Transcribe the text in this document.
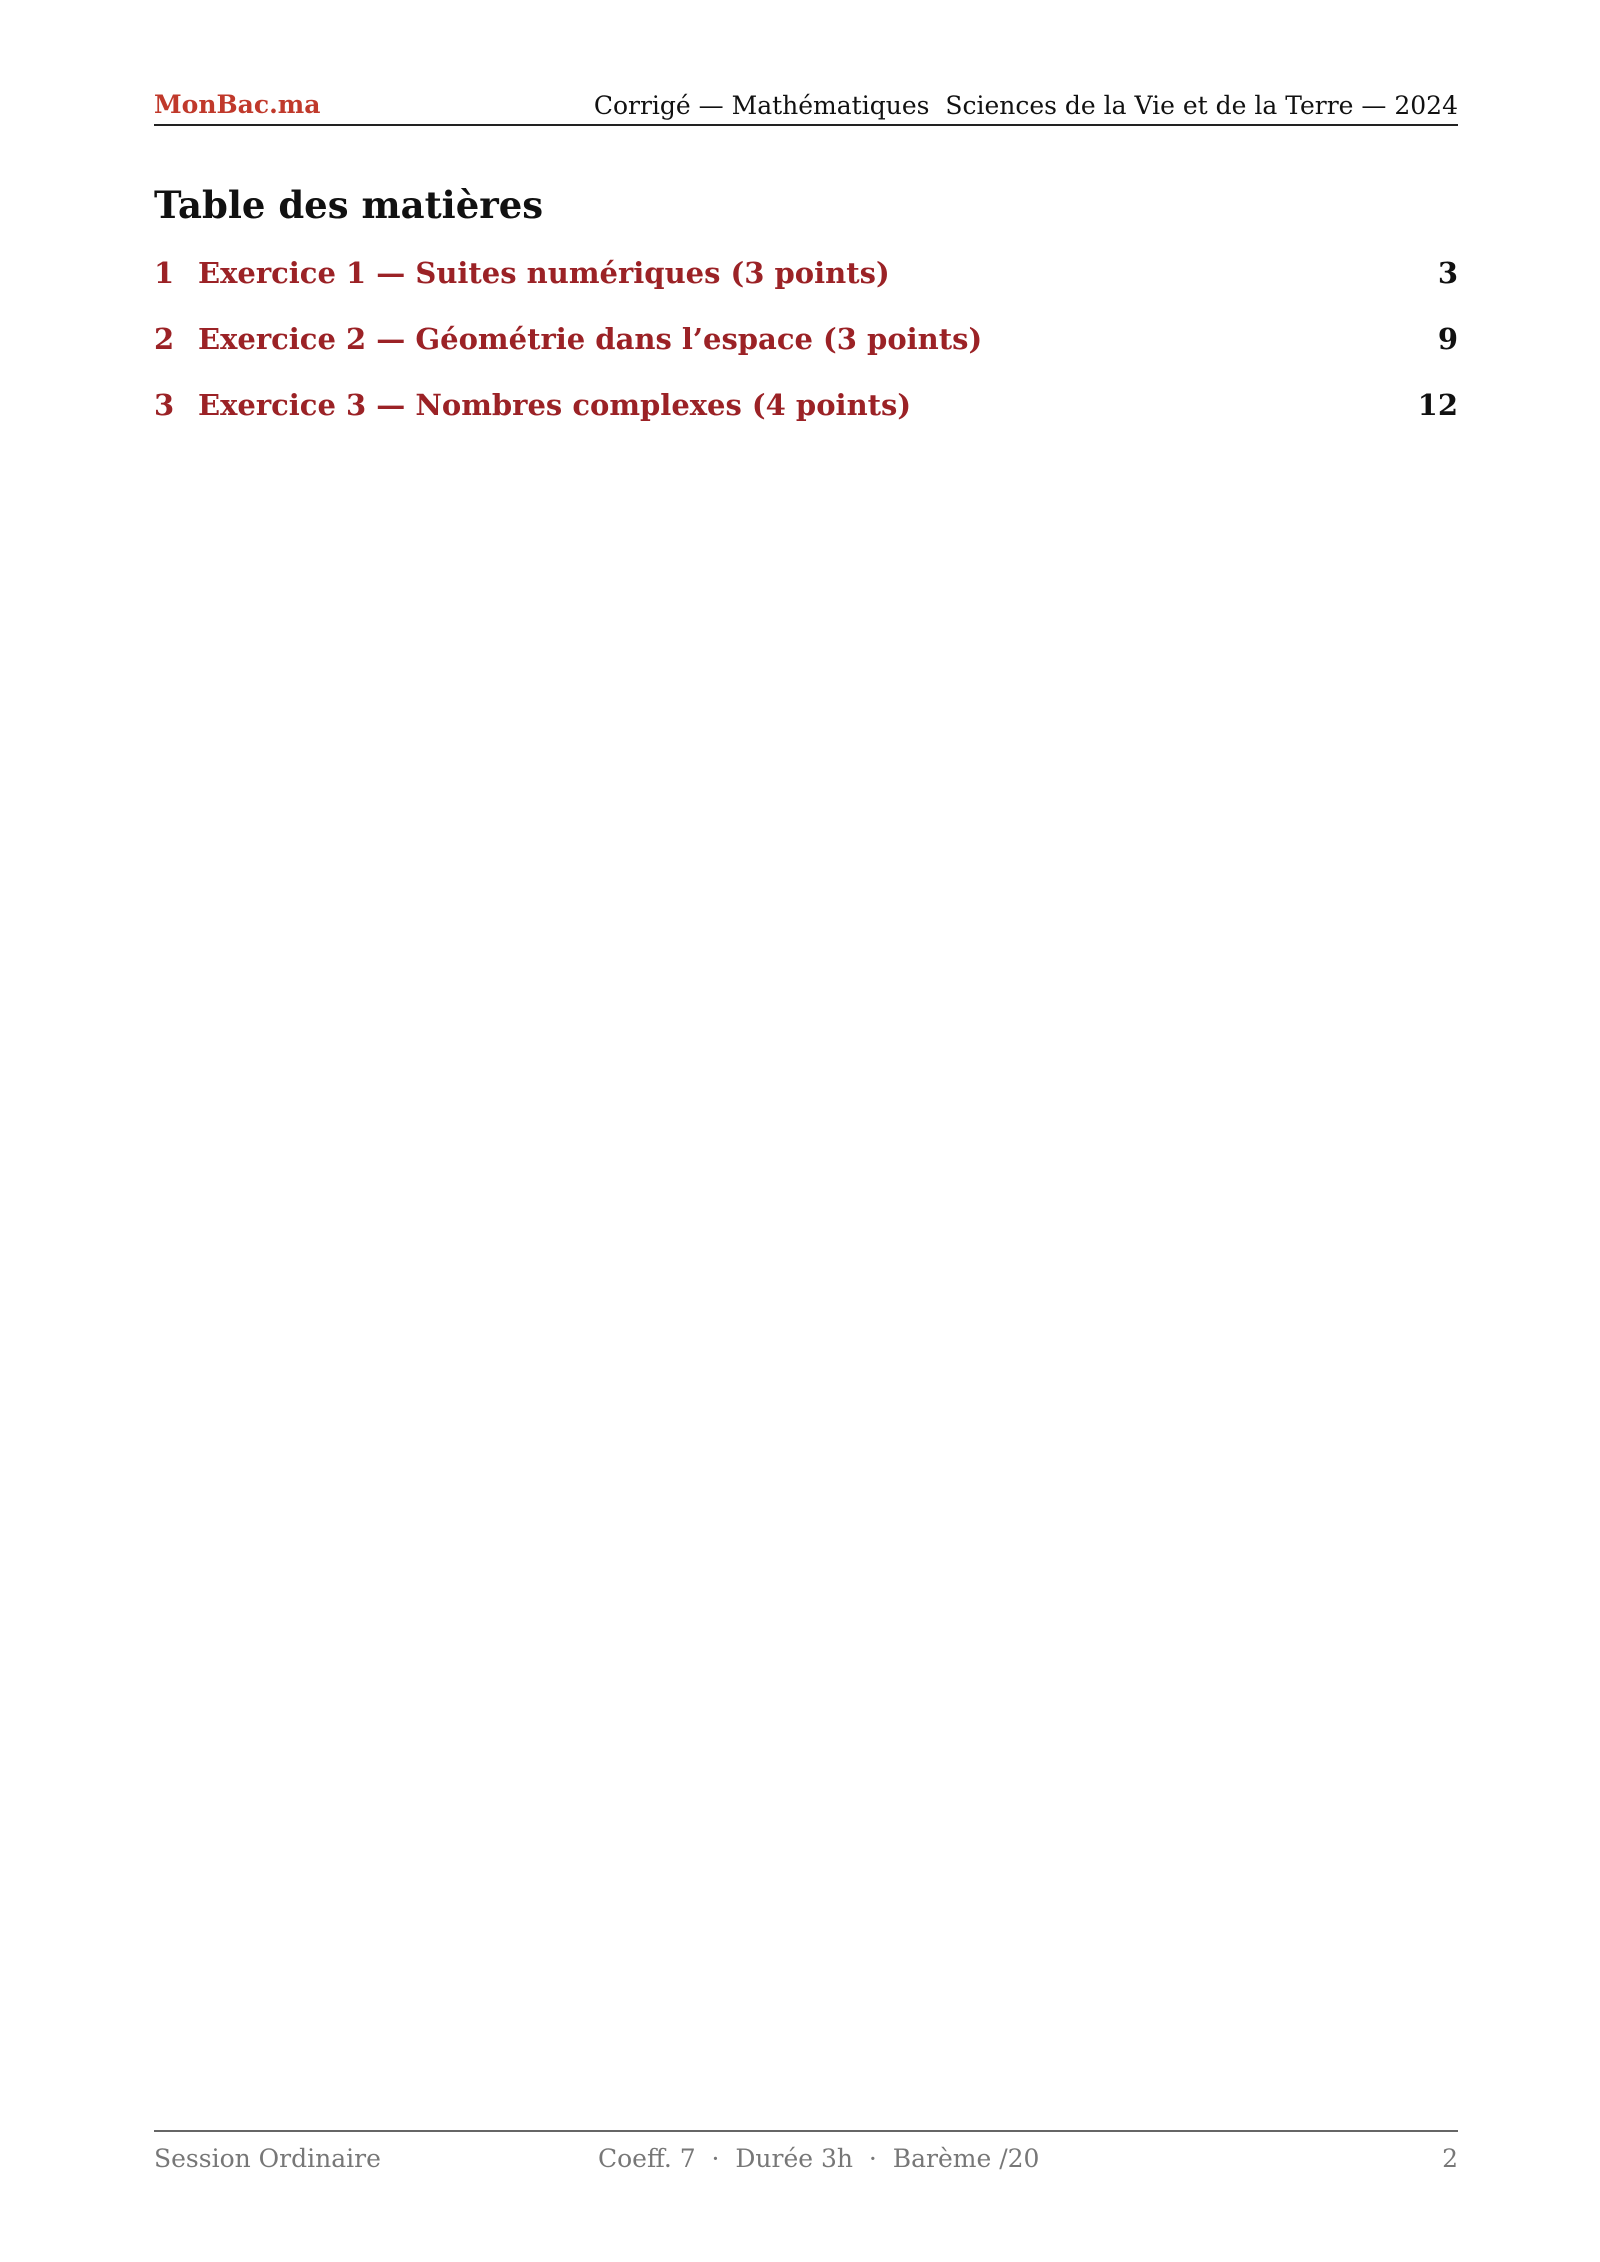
MonBac.ma	Corrigé — Mathématiques  Sciences de la Vie et de la Terre — 2024
Table des matières
1 Exercice 1 — Suites numériques (3 points)	3
2 Exercice 2 — Géométrie dans l’espace (3 points)	9
3 Exercice 3 — Nombres complexes (4 points)	12
Session Ordinaire	Coeff. 7  ·  Durée 3h  ·  Barème /20	2
